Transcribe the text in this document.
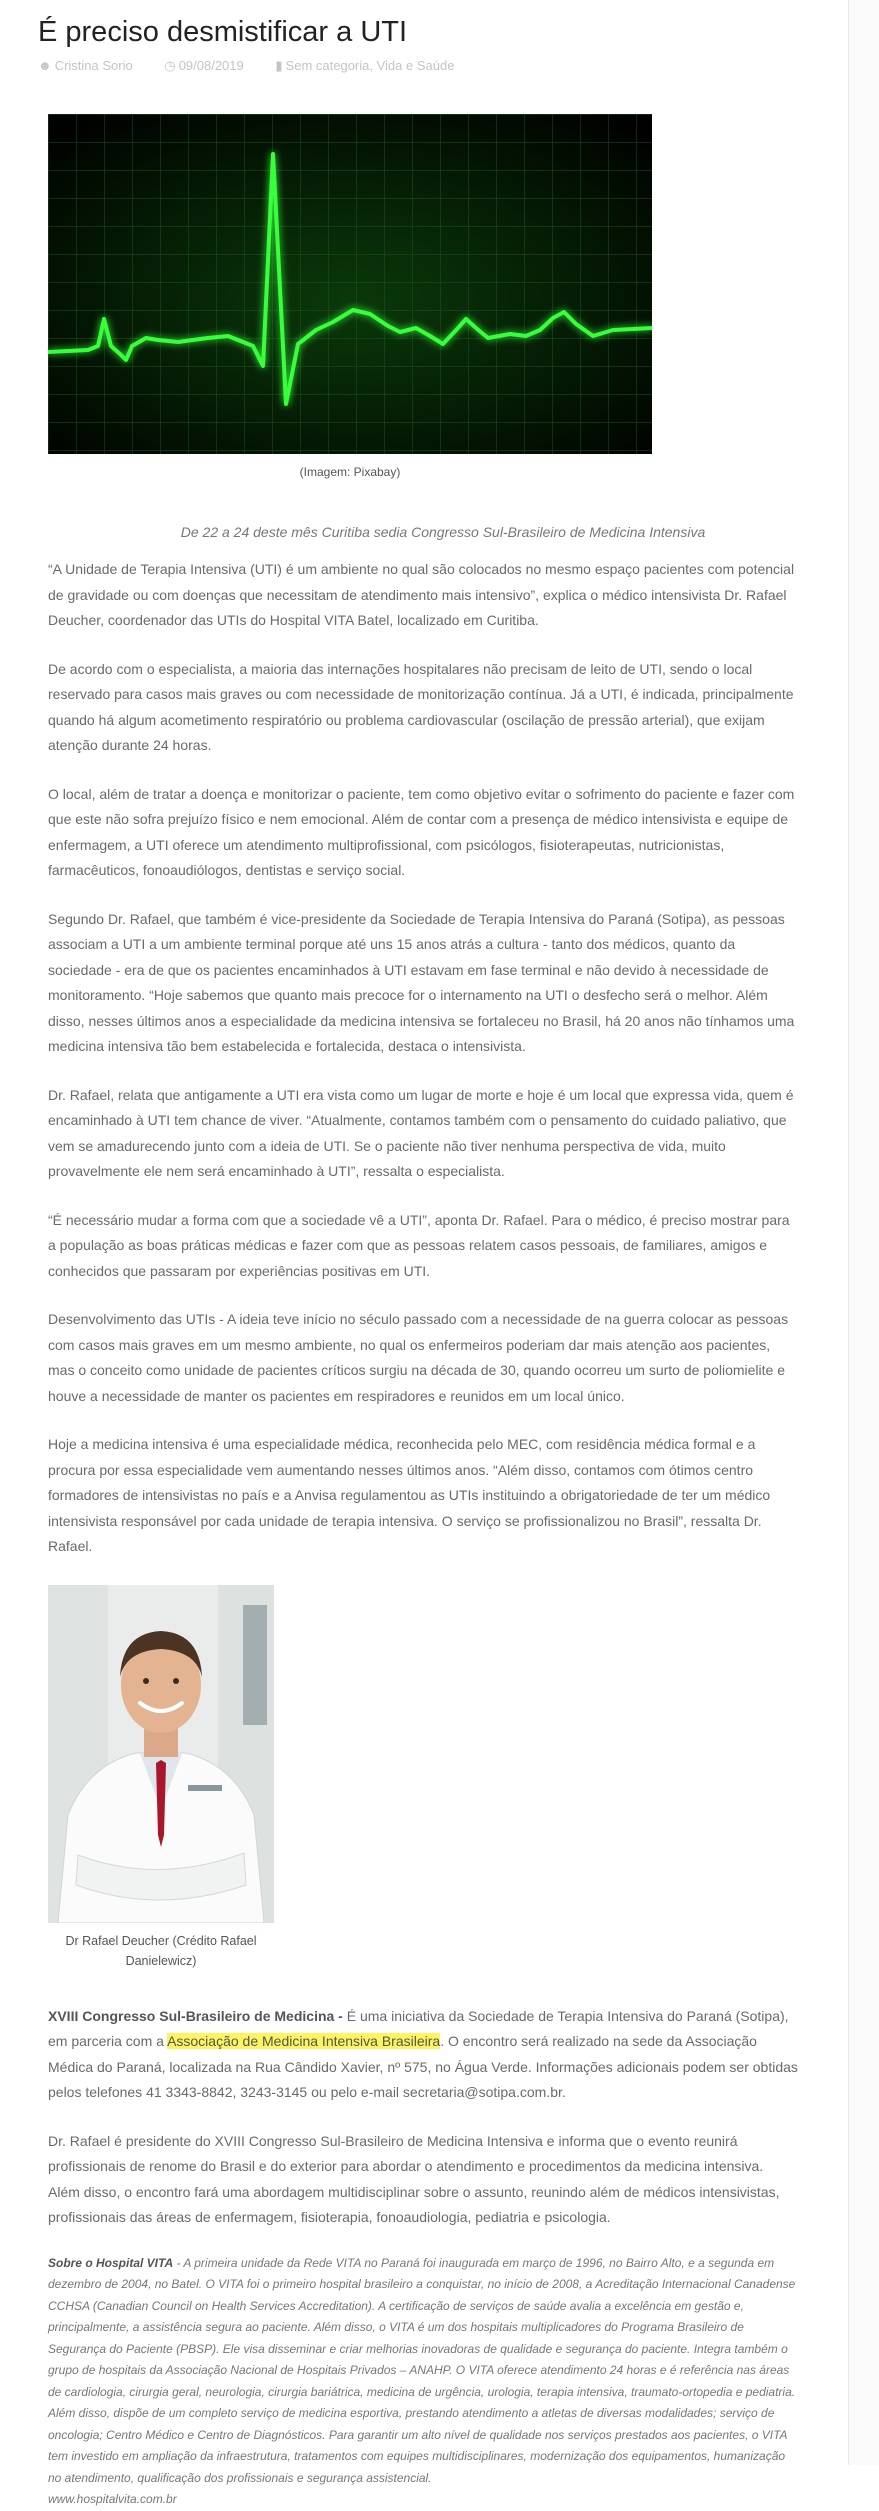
É preciso desmistificar a UTI
☻ Cristina Sorio ◷ 09/08/2019 ▮ Sem categoria, Vida e Saúde
(Imagem: Pixabay)
De 22 a 24 deste mês Curitiba sedia Congresso Sul-Brasileiro de Medicina Intensiva

“A Unidade de Terapia Intensiva (UTI) é um ambiente no qual são colocados no mesmo espaço pacientes com potencial de gravidade ou com doenças que necessitam de atendimento mais intensivo”, explica o médico intensivista Dr. Rafael Deucher, coordenador das UTIs do Hospital VITA Batel, localizado em Curitiba.

De acordo com o especialista, a maioria das internações hospitalares não precisam de leito de UTI, sendo o local reservado para casos mais graves ou com necessidade de monitorização contínua. Já a UTI, é indicada, principalmente quando há algum acometimento respiratório ou problema cardiovascular (oscilação de pressão arterial), que exijam atenção durante 24 horas.

O local, além de tratar a doença e monitorizar o paciente, tem como objetivo evitar o sofrimento do paciente e fazer com que este não sofra prejuízo físico e nem emocional. Além de contar com a presença de médico intensivista e equipe de enfermagem, a UTI oferece um atendimento multiprofissional, com psicólogos, fisioterapeutas, nutricionistas, farmacêuticos, fonoaudiólogos, dentistas e serviço social.

Segundo Dr. Rafael, que também é vice-presidente da Sociedade de Terapia Intensiva do Paraná (Sotipa), as pessoas associam a UTI a um ambiente terminal porque até uns 15 anos atrás a cultura - tanto dos médicos, quanto da sociedade - era de que os pacientes encaminhados à UTI estavam em fase terminal e não devido à necessidade de monitoramento. “Hoje sabemos que quanto mais precoce for o internamento na UTI o desfecho será o melhor. Além disso, nesses últimos anos a especialidade da medicina intensiva se fortaleceu no Brasil, há 20 anos não tínhamos uma medicina intensiva tão bem estabelecida e fortalecida, destaca o intensivista.

Dr. Rafael, relata que antigamente a UTI era vista como um lugar de morte e hoje é um local que expressa vida, quem é encaminhado à UTI tem chance de viver. “Atualmente, contamos também com o pensamento do cuidado paliativo, que vem se amadurecendo junto com a ideia de UTI. Se o paciente não tiver nenhuma perspectiva de vida, muito provavelmente ele nem será encaminhado à UTI”, ressalta o especialista.

“É necessário mudar a forma com que a sociedade vê a UTI”, aponta Dr. Rafael. Para o médico, é preciso mostrar para a população as boas práticas médicas e fazer com que as pessoas relatem casos pessoais, de familiares, amigos e conhecidos que passaram por experiências positivas em UTI.

Desenvolvimento das UTIs - A ideia teve início no século passado com a necessidade de na guerra colocar as pessoas com casos mais graves em um mesmo ambiente, no qual os enfermeiros poderiam dar mais atenção aos pacientes, mas o conceito como unidade de pacientes críticos surgiu na década de 30, quando ocorreu um surto de poliomielite e houve a necessidade de manter os pacientes em respiradores e reunidos em um local único.

Hoje a medicina intensiva é uma especialidade médica, reconhecida pelo MEC, com residência médica formal e a procura por essa especialidade vem aumentando nesses últimos anos. “Além disso, contamos com ótimos centro formadores de intensivistas no país e a Anvisa regulamentou as UTIs instituindo a obrigatoriedade de ter um médico intensivista responsável por cada unidade de terapia intensiva. O serviço se profissionalizou no Brasil”, ressalta Dr. Rafael.

Dr Rafael Deucher (Crédito Rafael Danielewicz)

XVIII Congresso Sul-Brasileiro de Medicina - É uma iniciativa da Sociedade de Terapia Intensiva do Paraná (Sotipa), em parceria com a Associação de Medicina Intensiva Brasileira. O encontro será realizado na sede da Associação Médica do Paraná, localizada na Rua Cândido Xavier, nº 575, no Água Verde. Informações adicionais podem ser obtidas pelos telefones 41 3343-8842, 3243-3145 ou pelo e-mail secretaria@sotipa.com.br.

Dr. Rafael é presidente do XVIII Congresso Sul-Brasileiro de Medicina Intensiva e informa que o evento reunirá profissionais de renome do Brasil e do exterior para abordar o atendimento e procedimentos da medicina intensiva. Além disso, o encontro fará uma abordagem multidisciplinar sobre o assunto, reunindo além de médicos intensivistas, profissionais das áreas de enfermagem, fisioterapia, fonoaudiologia, pediatria e psicologia.

Sobre o Hospital VITA - A primeira unidade da Rede VITA no Paraná foi inaugurada em março de 1996, no Bairro Alto, e a segunda em dezembro de 2004, no Batel. O VITA foi o primeiro hospital brasileiro a conquistar, no início de 2008, a Acreditação Internacional Canadense CCHSA (Canadian Council on Health Services Accreditation). A certificação de serviços de saúde avalia a excelência em gestão e, principalmente, a assistência segura ao paciente. Além disso, o VITA é um dos hospitais multiplicadores do Programa Brasileiro de Segurança do Paciente (PBSP). Ele visa disseminar e criar melhorias inovadoras de qualidade e segurança do paciente. Integra também o grupo de hospitais da Associação Nacional de Hospitais Privados – ANAHP. O VITA oferece atendimento 24 horas e é referência nas áreas de cardiologia, cirurgia geral, neurologia, cirurgia bariátrica, medicina de urgência, urologia, terapia intensiva, traumato-ortopedia e pediatria. Além disso, dispõe de um completo serviço de medicina esportiva, prestando atendimento a atletas de diversas modalidades; serviço de oncologia; Centro Médico e Centro de Diagnósticos. Para garantir um alto nível de qualidade nos serviços prestados aos pacientes, o VITA tem investido em ampliação da infraestrutura, tratamentos com equipes multidisciplinares, modernização dos equipamentos, humanização no atendimento, qualificação dos profissionais e segurança assistencial.
www.hospitalvita.com.br
